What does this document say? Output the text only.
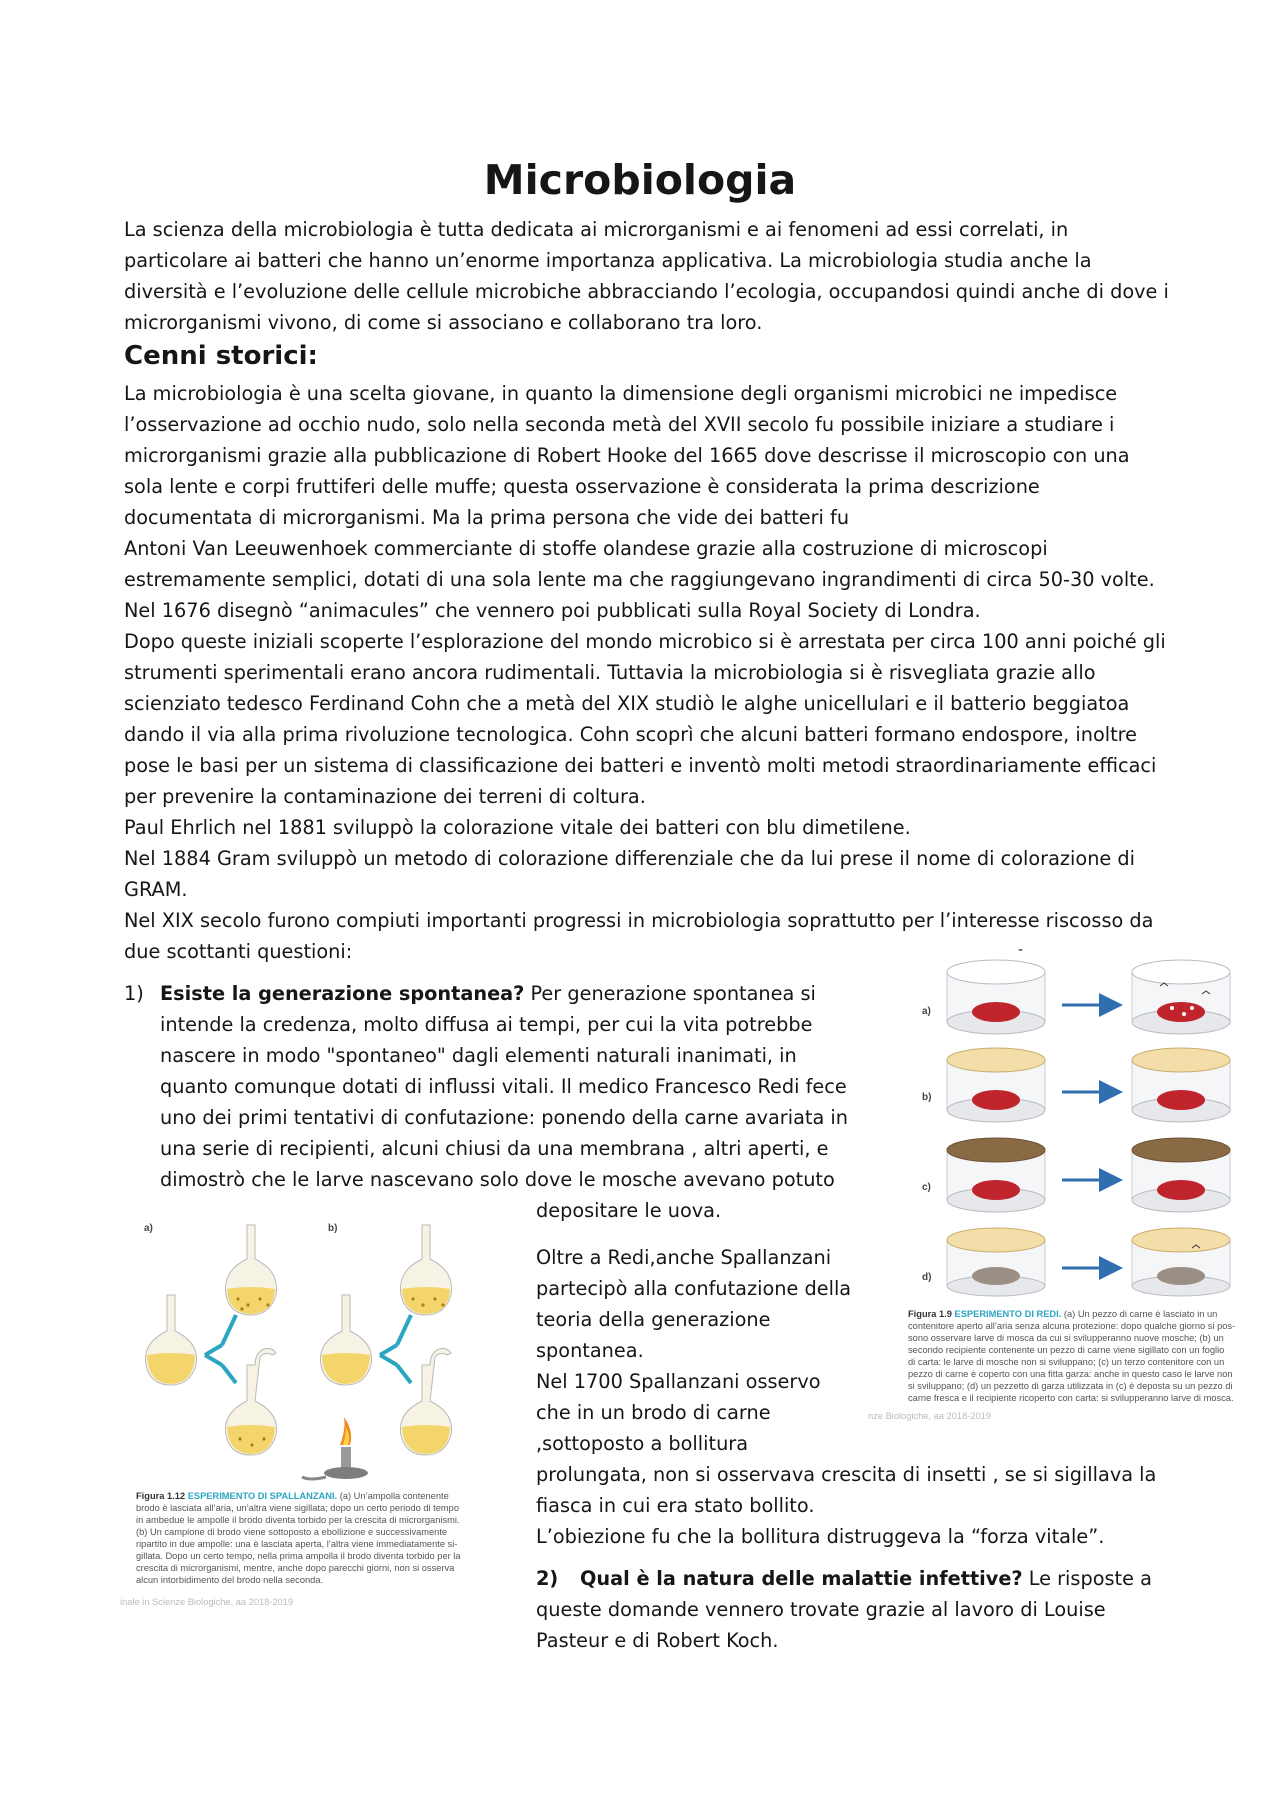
Microbiologia

La scienza della microbiologia è tutta dedicata ai microrganismi e ai fenomeni ad essi correlati, in
particolare ai batteri che hanno un’enorme importanza applicativa. La microbiologia studia anche la
diversità e l’evoluzione delle cellule microbiche abbracciando l’ecologia, occupandosi quindi anche di dove i
microrganismi vivono, di come si associano e collaborano tra loro.

Cenni storici:

La microbiologia è una scelta giovane, in quanto la dimensione degli organismi microbici ne impedisce
l’osservazione ad occhio nudo, solo nella seconda metà del XVII secolo fu possibile iniziare a studiare i
microrganismi grazie alla pubblicazione di Robert Hooke del 1665 dove descrisse il microscopio con una
sola lente e corpi fruttiferi delle muffe; questa osservazione è considerata la prima descrizione
documentata di microrganismi. Ma la prima persona che vide dei batteri fu
Antoni Van Leeuwenhoek commerciante di stoffe olandese grazie alla costruzione di microscopi
estremamente semplici, dotati di una sola lente ma che raggiungevano ingrandimenti di circa 50-30 volte.
Nel 1676 disegnò “animacules” che vennero poi pubblicati sulla Royal Society di Londra.
Dopo queste iniziali scoperte l’esplorazione del mondo microbico si è arrestata per circa 100 anni poiché gli
strumenti sperimentali erano ancora rudimentali. Tuttavia la microbiologia si è risvegliata grazie allo
scienziato tedesco Ferdinand Cohn che a metà del XIX studiò le alghe unicellulari e il batterio beggiatoa
dando il via alla prima rivoluzione tecnologica. Cohn scoprì che alcuni batteri formano endospore, inoltre
pose le basi per un sistema di classificazione dei batteri e inventò molti metodi straordinariamente efficaci
per prevenire la contaminazione dei terreni di coltura.
Paul Ehrlich nel 1881 sviluppò la colorazione vitale dei batteri con blu dimetilene.
Nel 1884 Gram sviluppò un metodo di colorazione differenziale che da lui prese il nome di colorazione di
GRAM.
Nel XIX secolo furono compiuti importanti progressi in microbiologia soprattutto per l’interesse riscosso da
due scottanti questioni:	-
1) Esiste la generazione spontanea? Per generazione spontanea si

intende la credenza, molto diffusa ai tempi, per cui la vita potrebbe
nascere in modo "spontaneo" dagli elementi naturali inanimati, in
quanto comunque dotati di influssi vitali. Il medico Francesco Redi fece
uno dei primi tentativi di confutazione: ponendo della carne avariata in
una serie di recipienti, alcuni chiusi da una membrana , altri aperti, e
dimostrò che le larve nascevano solo dove le mosche avevano potuto

depositare le uova.

Oltre a Redi,anche Spallanzani
partecipò alla confutazione della
teoria della generazione
spontanea.
Nel 1700 Spallanzani osservo
che in un brodo di carne
,sottoposto a bollitura
prolungata, non si osservava crescita di insetti , se si sigillava la
fiasca in cui era stato bollito.
L’obiezione fu che la bollitura distruggeva la “forza vitale”.

2) Qual è la natura delle malattie infettive? Le risposte a

queste domande vennero trovate grazie al lavoro di Louise
Pasteur e di Robert Koch.

a)
b)
c)
d)
Figura 1.9 ESPERIMENTO DI REDI. (a) Un pezzo di carne è lasciato in un
contenitore aperto all’aria senza alcuna protezione: dopo qualche giorno si pos-
sono osservare larve di mosca da cui si svilupperanno nuove mosche; (b) un
secondo recipiente contenente un pezzo di carne viene sigillato con un foglio
di carta: le larve di mosche non si sviluppano; (c) un terzo contenitore con un
pezzo di carne è coperto con una fitta garza: anche in questo caso le larve non
si sviluppano; (d) un pezzetto di garza utilizzata in (c) è deposta su un pezzo di
carne fresca e il recipiente ricoperto con carta: si svilupperanno larve di mosca.
nze Biologiche, aa 2018-2019
a)	b)
Figura 1.12 ESPERIMENTO DI SPALLANZANI. (a) Un’ampolla contenente
brodo è lasciata all’aria, un’altra viene sigillata; dopo un certo periodo di tempo
in ambedue le ampolle il brodo diventa torbido per la crescita di microrganismi.
(b) Un campione di brodo viene sottoposto a ebollizione e successivamente
ripartito in due ampolle: una è lasciata aperta, l’altra viene immediatamente si-
gillata. Dopo un certo tempo, nella prima ampolla il brodo diventa torbido per la
crescita di microrganismi, mentre, anche dopo parecchi giorni, non si osserva
alcun intorbidimento del brodo nella seconda.
inale in Scienze Biologiche, aa 2018-2019
